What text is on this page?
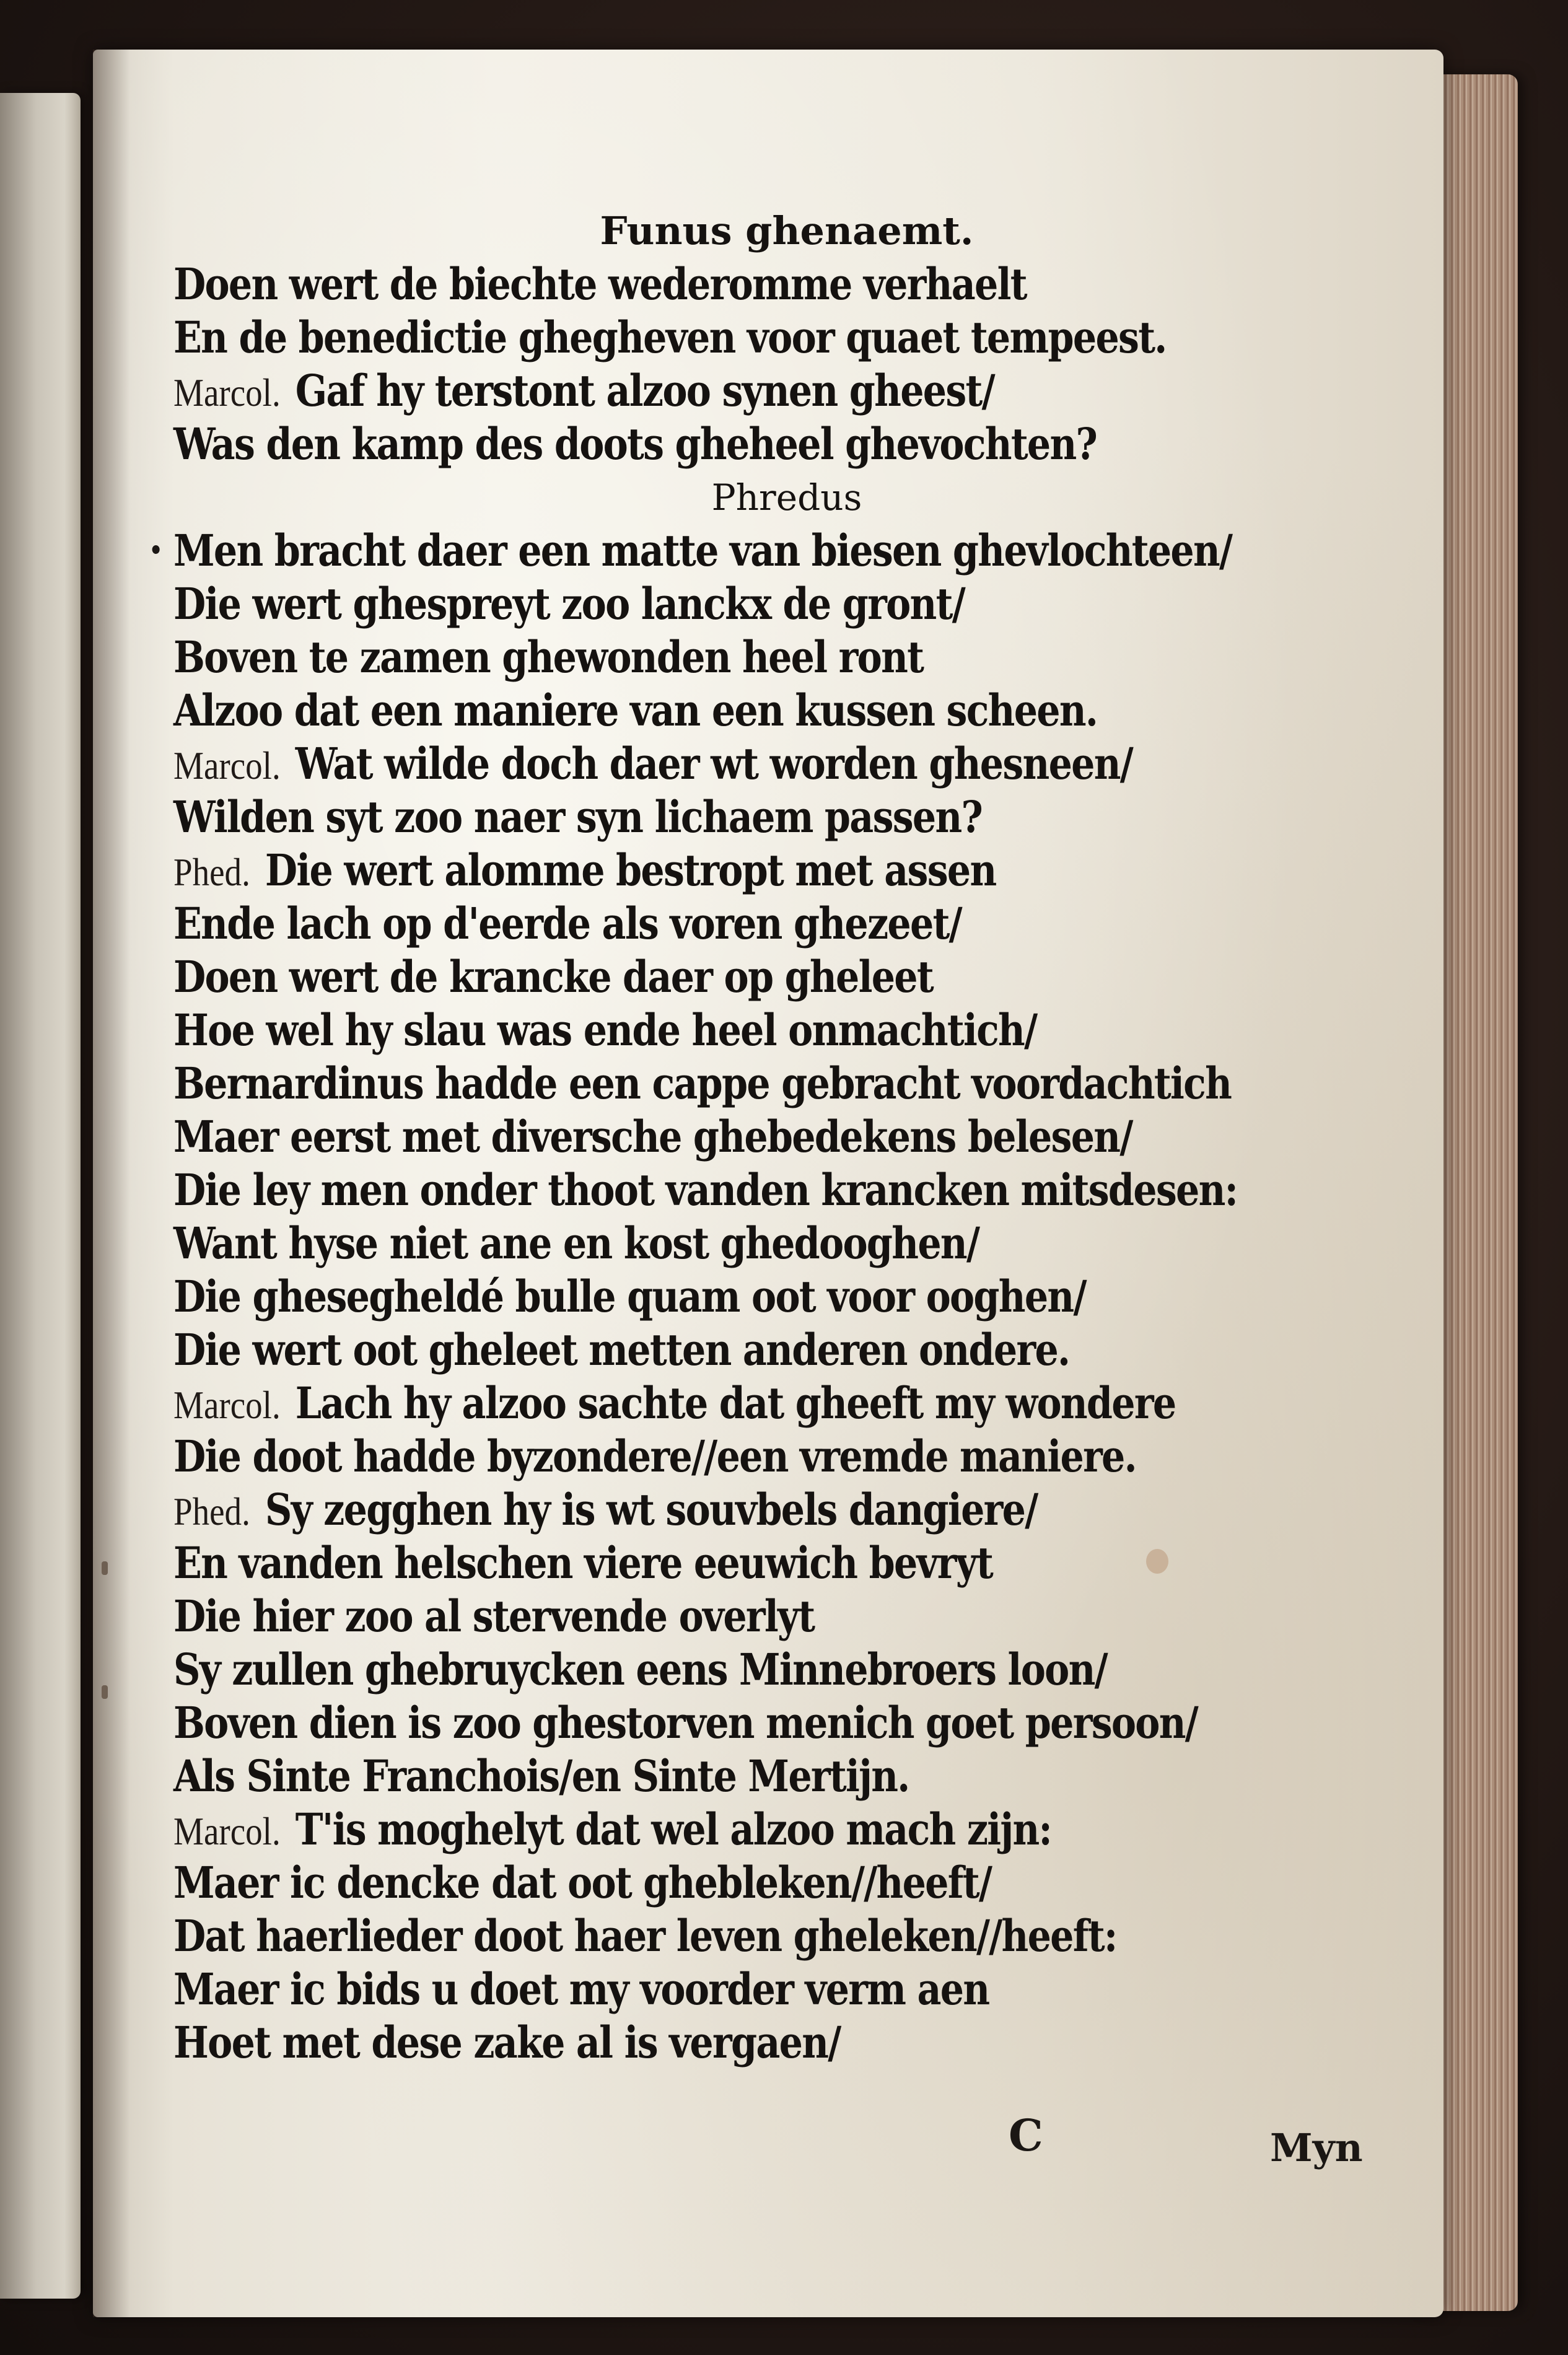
Funus ghenaemt.
Doen wert de biechte wederomme verhaelt
En de benedictie ghegheven voor quaet tempeest.
Marcol. Gaf hy terstont alzoo synen gheest/
Was den kamp des doots gheheel ghevochten?
Phredus
Men bracht daer een matte van biesen ghevlochteen/
Die wert ghespreyt zoo lanckx de gront/
Boven te zamen ghewonden heel ront
Alzoo dat een maniere van een kussen scheen.
Marcol. Wat wilde doch daer wt worden ghesneen/
Wilden syt zoo naer syn lichaem passen?
Phed. Die wert alomme bestropt met assen
Ende lach op d'eerde als voren ghezeet/
Doen wert de krancke daer op gheleet
Hoe wel hy slau was ende heel onmachtich/
Bernardinus hadde een cappe gebracht voordachtich
Maer eerst met diversche ghebedekens belesen/
Die ley men onder thoot vanden krancken mitsdesen:
Want hyse niet ane en kost ghedooghen/
Die ghesegheldé bulle quam oot voor ooghen/
Die wert oot gheleet metten anderen ondere.
Marcol. Lach hy alzoo sachte dat gheeft my wondere
Die doot hadde byzondere//een vremde maniere.
Phed. Sy zegghen hy is wt souvbels dangiere/
En vanden helschen viere eeuwich bevryt
Die hier zoo al stervende overlyt
Sy zullen ghebruycken eens Minnebroers loon/
Boven dien is zoo ghestorven menich goet persoon/
Als Sinte Franchois/en Sinte Mertijn.
Marcol. T'is moghelyt dat wel alzoo mach zijn:
Maer ic dencke dat oot ghebleken//heeft/
Dat haerlieder doot haer leven gheleken//heeft:
Maer ic bids u doet my voorder verm aen
Hoet met dese zake al is vergaen/
C	Myn
